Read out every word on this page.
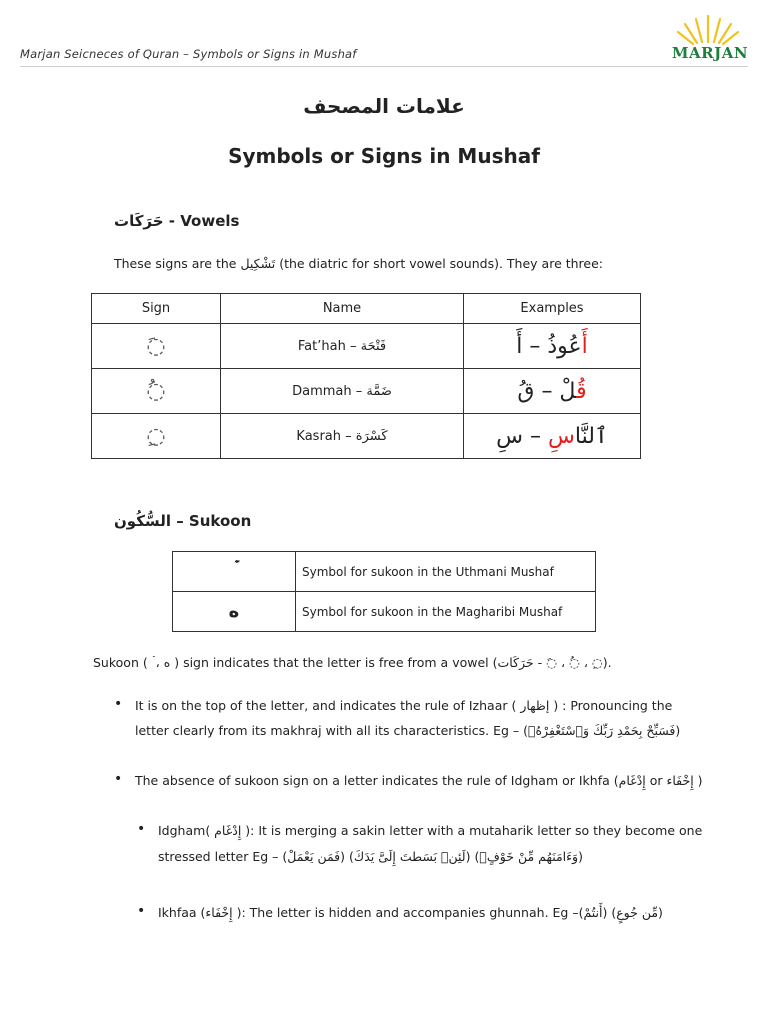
Marjan Seicneces of Quran – Symbols or Signs in Mushaf	MARJAN
علامات المصحف
Symbols or Signs in Mushaf
حَرَكَات - Vowels
These signs are the تَشْكِيل (the diatric for short vowel sounds). They are three:
Sign	Name	Examples
◌َ	فَتْحَة – Fat’hah	أَعُوذُ – أَ
◌ُ	ضَمَّة – Dammah	قُلْ – قُ
◌ِ	كَسْرَة – Kasrah	ٱلنَّاسِ – سِ
السُّكُون – Sukoon
	Symbol for sukoon in the Uthmani Mushaf
ه	Symbol for sukoon in the Magharibi Mushaf
Sukoon ( ۡ ، ه ) sign indicates that the letter is free from a vowel (حَرَكَات - ◌َ ، ◌ُ ، ◌ِ).
• It is on the top of the letter, and indicates the rule of Izhaar ( إظهار ) : Pronouncing the
letter clearly from its makhraj with all its characteristics. Eg – (فَسَبِّحْ بِحَمْدِ رَبِّكَ وَٱسْتَغْفِرْهُۚ)
• The absence of sukoon sign on a letter indicates the rule of Idgham or Ikhfa (إِدْغَام or إِخْفَاء )
• Idgham( إِدْغَام ): It is merging a sakin letter with a mutaharik letter so they become one
stressed letter Eg – (وَءَامَنَهُم مِّنْ خَوْفٍۭ) (لَئِنۢ بَسَطتَ إِلَىَّ يَدَكَ) (فَمَن يَعْمَلْ)
• Ikhfaa (إِخْفَاء ): The letter is hidden and accompanies ghunnah. Eg –(مِّن جُوعٍ) (أَنتُمْ)
